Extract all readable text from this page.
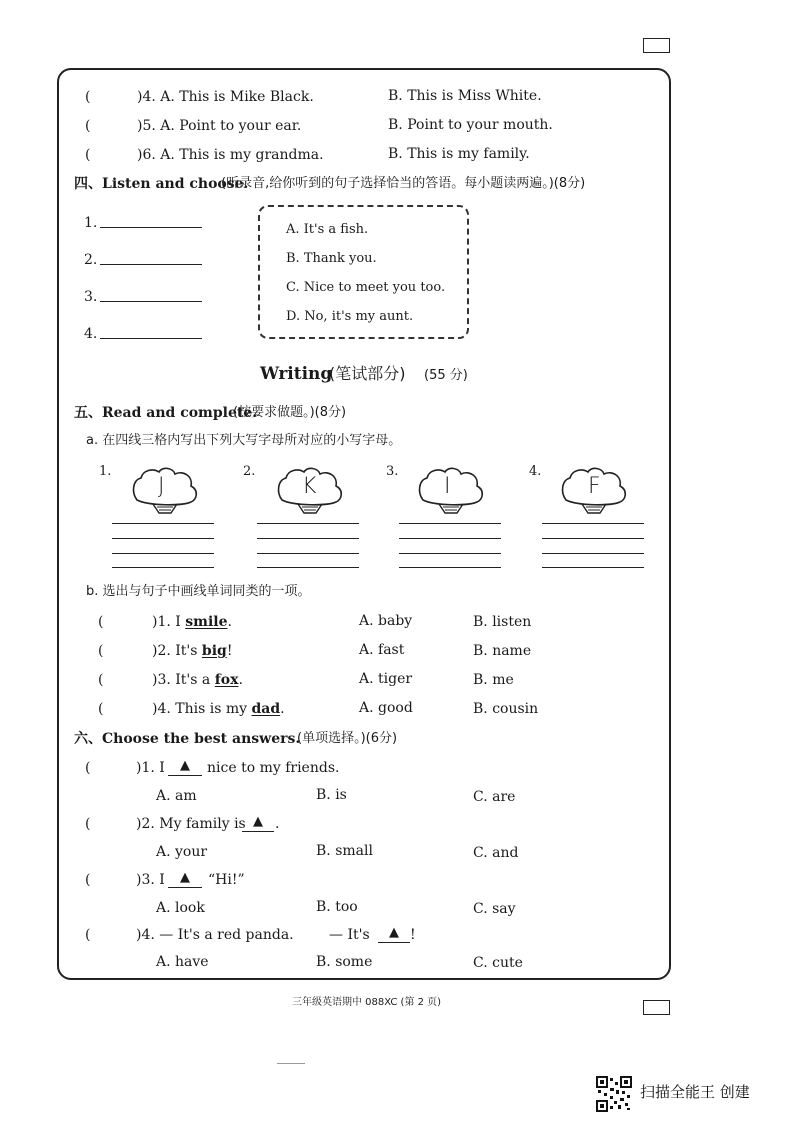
(	)4. A. This is Mike Black.	B. This is Miss White.
(	)5. A. Point to your ear.	B. Point to your mouth.
(	)6. A. This is my grandma.	B. This is my family.
四、Listen and choose.
(听录音,给你听到的句子选择恰当的答语。每小题读两遍。)(8分)
1.
2.
3.
4.
A. It's a fish.
B. Thank you.
C. Nice to meet you too.
D. No, it's my aunt.
Writing
(笔试部分) (55 分)
五、Read and complete.
(按要求做题。)(8分)
a. 在四线三格内写出下列大写字母所对应的小写字母。
1.
J
2.
K
3.
I
4.
F
b. 选出与句子中画线单词同类的一项。
(	)1. I smile.	A. baby	B. listen
(	)2. It's big!	A. fast	B. name
(	)3. It's a fox.	A. tiger	B. me
(	)4. This is my dad.	A. good	B. cousin
六、Choose the best answers.
(单项选择。)(6分)
(	)1. I	▲	nice to my friends.
A. am	B. is	C. are
(	)2. My family is ▲ .
A. your	B. small	C. and
(	)3. I	▲	“Hi!”
A. look	B. too	C. say
(	)4. — It's a red panda.	— It's	▲ !
A. have	B. some	C. cute
三年级英语期中 088XC (第 2 页)
扫描全能王 创建
